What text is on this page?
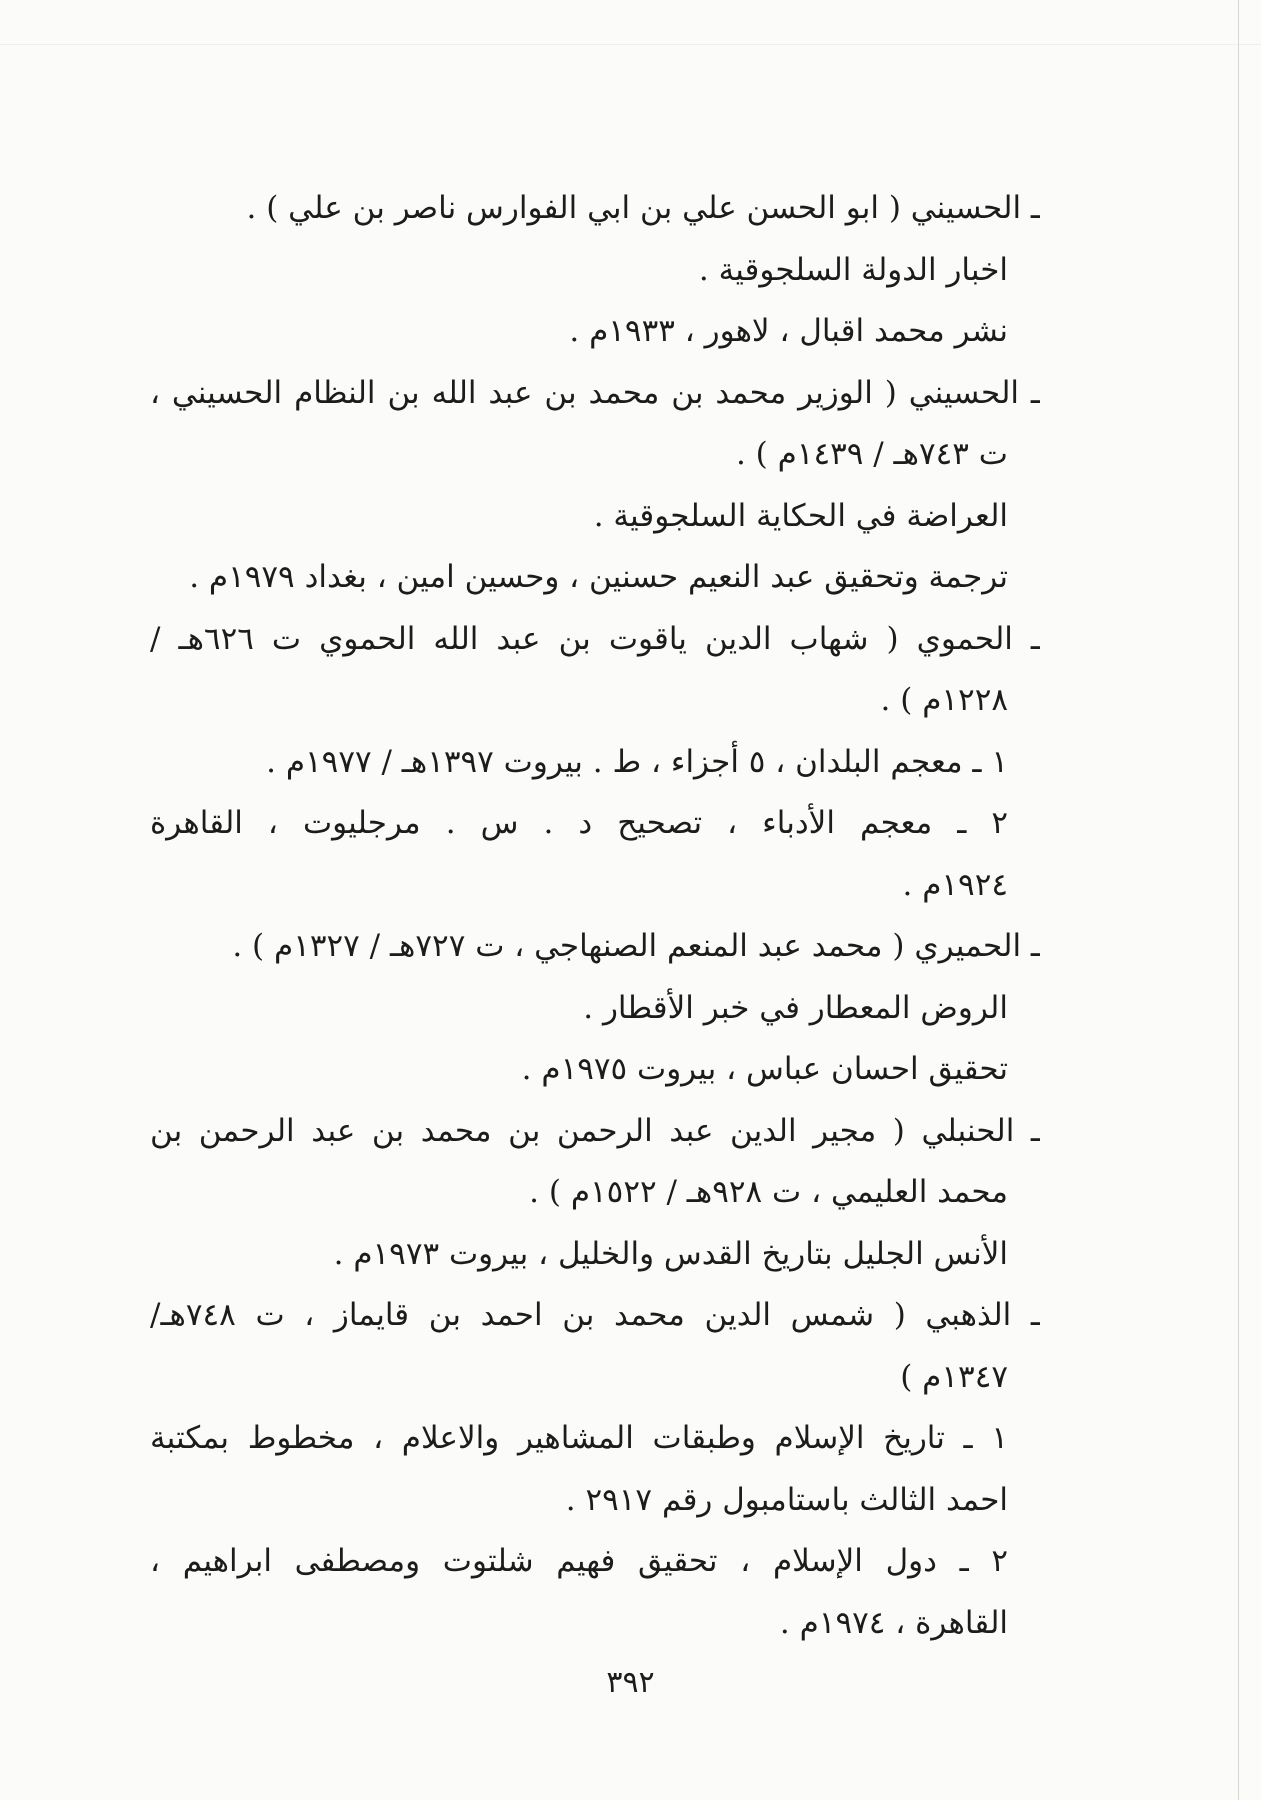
ـ الحسيني ( ابو الحسن علي بن ابي الفوارس ناصر بن علي ) .
اخبار الدولة السلجوقية .
نشر محمد اقبال ، لاهور ، ١٩٣٣م .
ـ الحسيني ( الوزير محمد بن محمد بن عبد الله بن النظام الحسيني ،
ت ٧٤٣هـ / ١٤٣٩م ) .
العراضة في الحكاية السلجوقية .
ترجمة وتحقيق عبد النعيم حسنين ، وحسين امين ، بغداد ١٩٧٩م .
ـ الحموي ( شهاب الدين ياقوت بن عبد الله الحموي ت ٦٢٦هـ /
١٢٢٨م ) .
١ ـ معجم البلدان ، ٥ أجزاء ، ط . بيروت ١٣٩٧هـ / ١٩٧٧م .
٢ ـ معجم الأدباء ، تصحيح د . س . مرجليوت ، القاهرة
١٩٢٤م .
ـ الحميري ( محمد عبد المنعم الصنهاجي ، ت ٧٢٧هـ / ١٣٢٧م ) .
الروض المعطار في خبر الأقطار .
تحقيق احسان عباس ، بيروت ١٩٧٥م .
ـ الحنبلي ( مجير الدين عبد الرحمن بن محمد بن عبد الرحمن بن
محمد العليمي ، ت ٩٢٨هـ / ١٥٢٢م ) .
الأنس الجليل بتاريخ القدس والخليل ، بيروت ١٩٧٣م .
ـ الذهبي ( شمس الدين محمد بن احمد بن قايماز ، ت ٧٤٨هـ/
١٣٤٧م )
١ ـ تاريخ الإسلام وطبقات المشاهير والاعلام ، مخطوط بمكتبة
احمد الثالث باستامبول رقم ٢٩١٧ .
٢ ـ دول الإسلام ، تحقيق فهيم شلتوت ومصطفى ابراهيم ،
القاهرة ، ١٩٧٤م .
٣٩٢
